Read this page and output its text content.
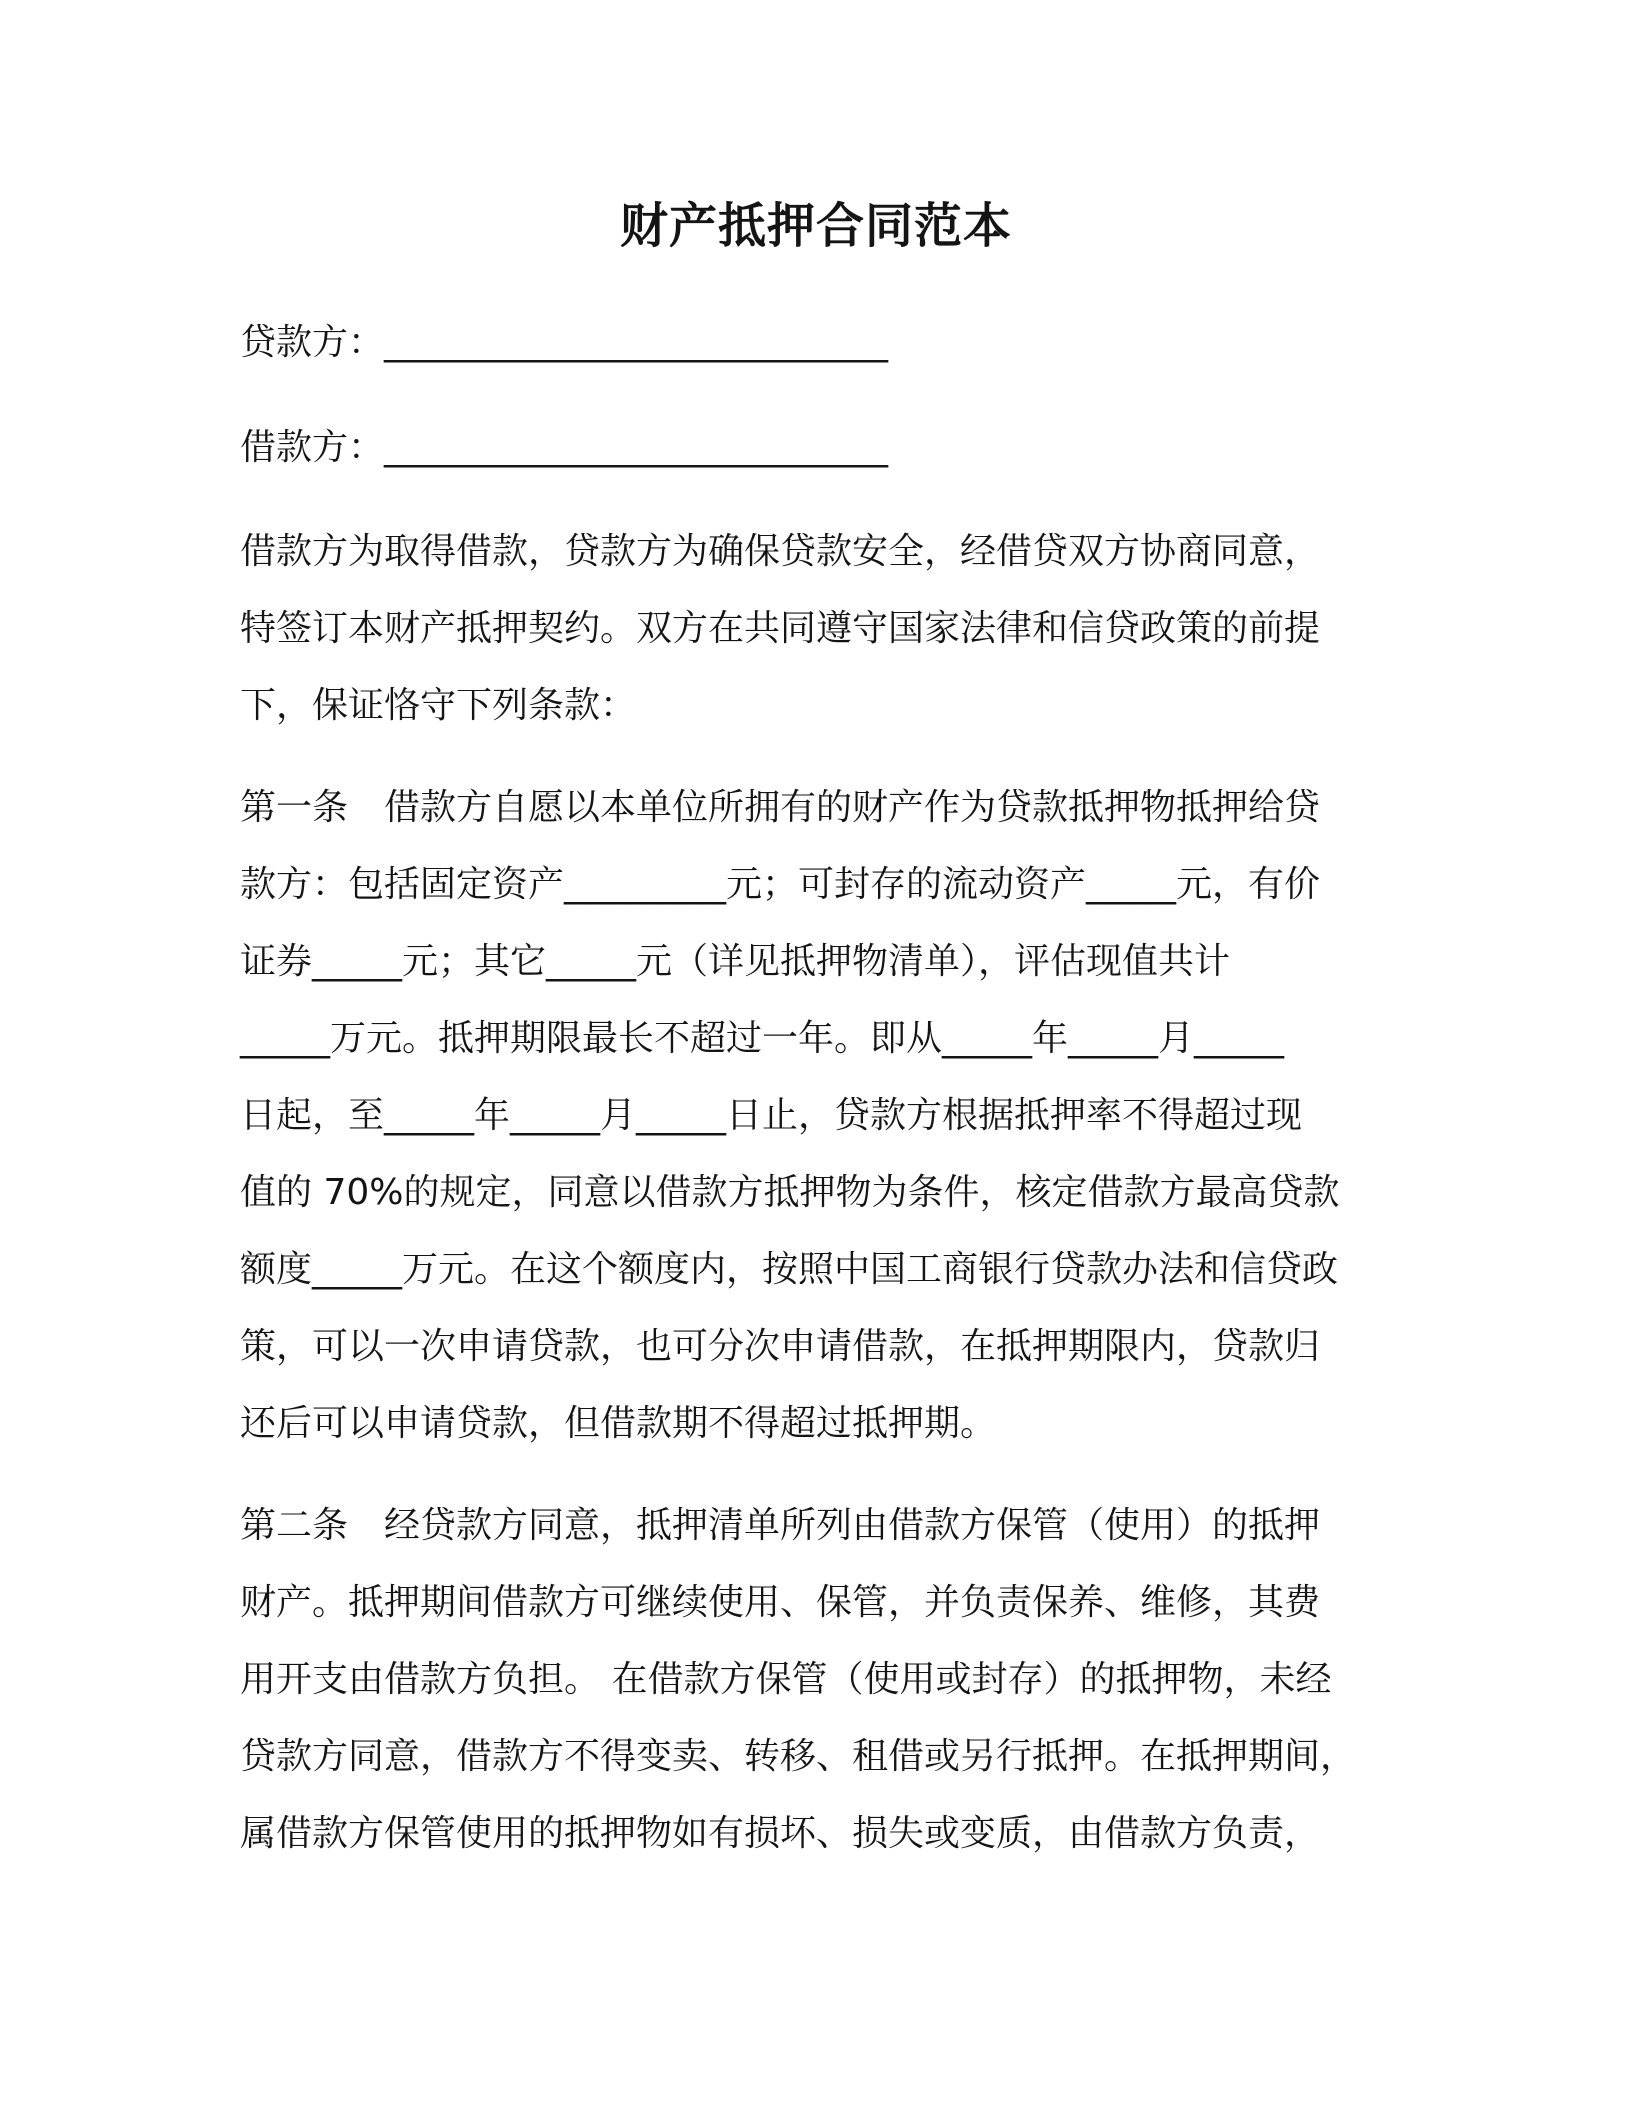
财产抵押合同范本
贷款方：____________________________
借款方：____________________________
借款方为取得借款，贷款方为确保贷款安全，经借贷双方协商同意，
特签订本财产抵押契约。双方在共同遵守国家法律和信贷政策的前提
下，保证恪守下列条款：
第一条　借款方自愿以本单位所拥有的财产作为贷款抵押物抵押给贷
款方：包括固定资产_________元；可封存的流动资产_____元，有价
证券_____元；其它_____元（详见抵押物清单），评估现值共计
_____万元。抵押期限最长不超过一年。即从_____年_____月_____
日起，至_____年_____月_____日止，贷款方根据抵押率不得超过现
值的 70%的规定，同意以借款方抵押物为条件，核定借款方最高贷款
额度_____万元。在这个额度内，按照中国工商银行贷款办法和信贷政
策，可以一次申请贷款，也可分次申请借款，在抵押期限内，贷款归
还后可以申请贷款，但借款期不得超过抵押期。
第二条　经贷款方同意，抵押清单所列由借款方保管（使用）的抵押
财产。抵押期间借款方可继续使用、保管，并负责保养、维修，其费
用开支由借款方负担。 在借款方保管（使用或封存）的抵押物，未经
贷款方同意，借款方不得变卖、转移、租借或另行抵押。在抵押期间，
属借款方保管使用的抵押物如有损坏、损失或变质，由借款方负责，
